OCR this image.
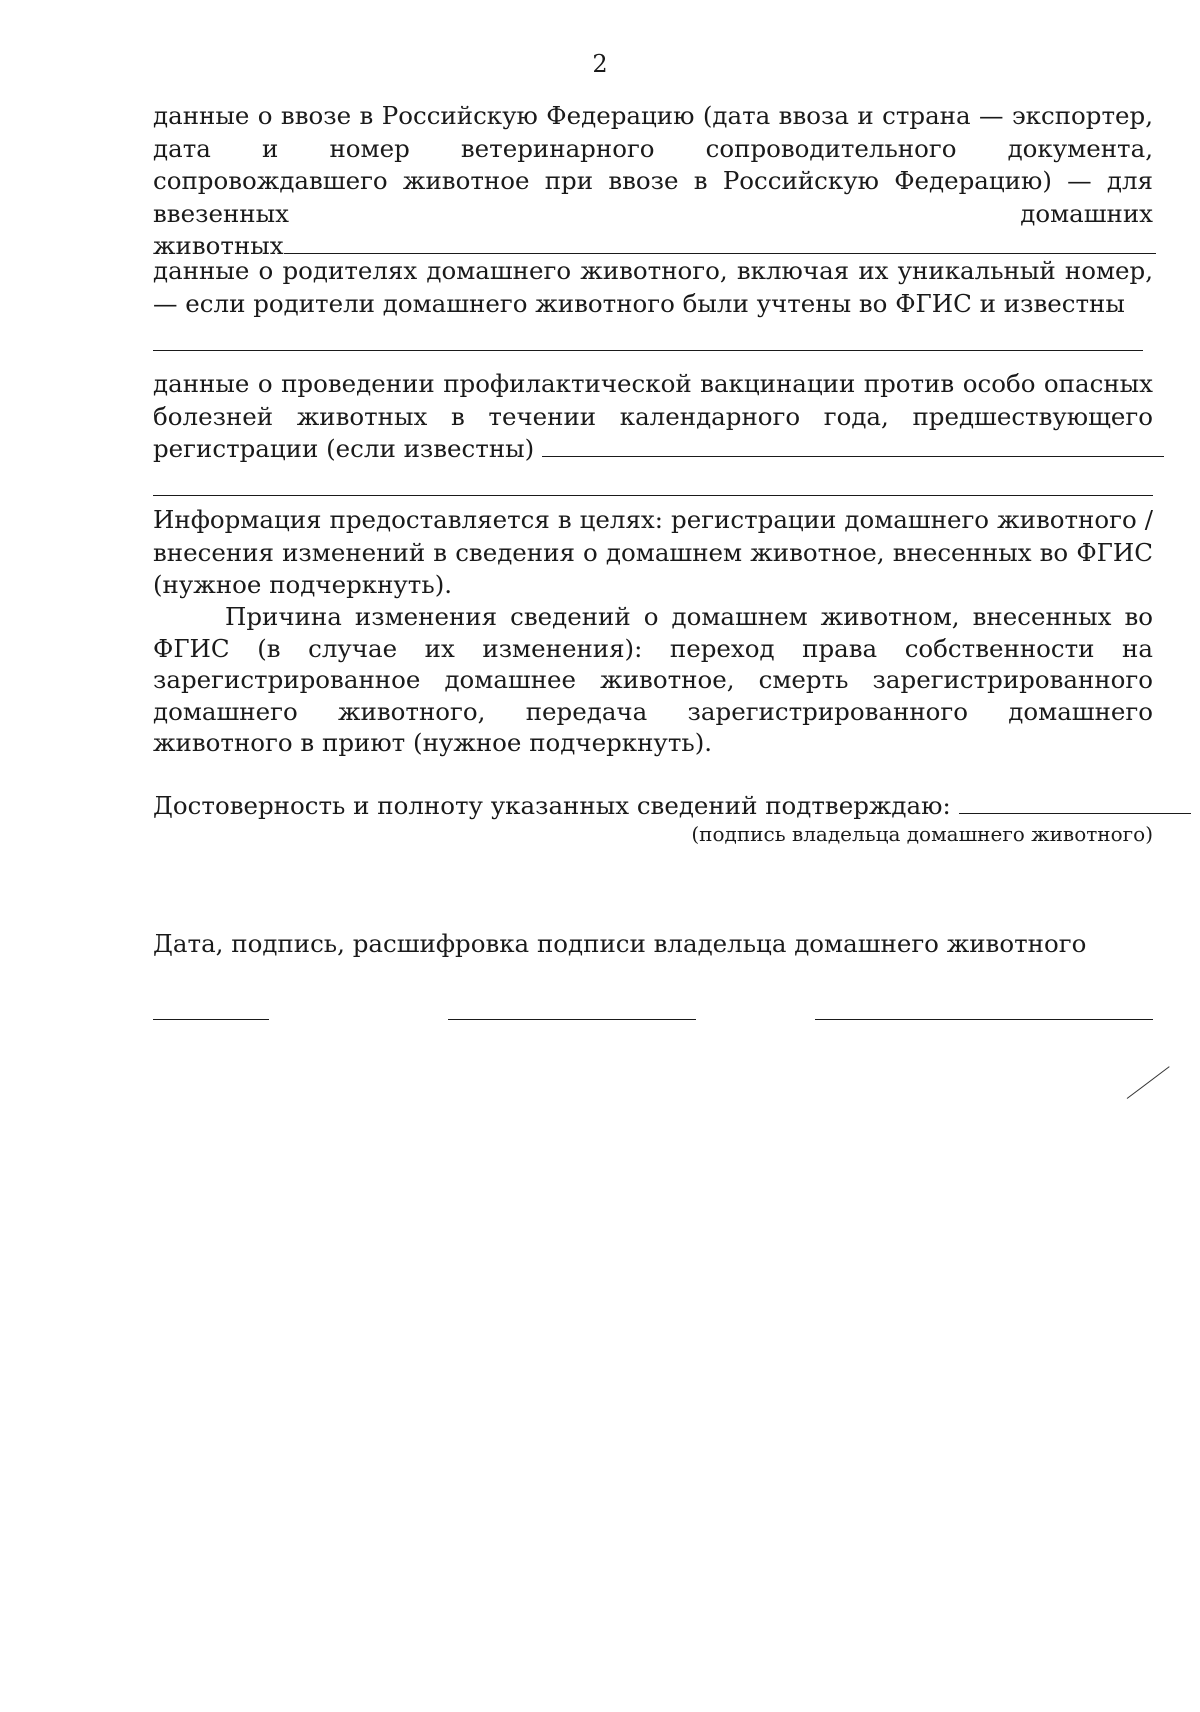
2
данные о ввозе в Российскую Федерацию (дата ввоза и страна — экспортер, дата и номер ветеринарного сопроводительного документа, сопровождавшего животное при ввозе в Российскую Федерацию) — для ввезенных домашних животных
данные о родителях домашнего животного, включая их уникальный номер, — если родители домашнего животного были учтены во ФГИС и известны
данные о проведении профилактической вакцинации против особо опасных болезней животных в течении календарного года, предшествующего регистрации (если известны)
Информация предоставляется в целях: регистрации домашнего животного / внесения изменений в сведения о домашнем животное, внесенных во ФГИС (нужное подчеркнуть).
Причина изменения сведений о домашнем животном, внесенных во ФГИС (в случае их изменения): переход права собственности на зарегистрированное домашнее животное, смерть зарегистрированного домашнего животного, передача зарегистрированного домашнего животного в приют (нужное подчеркнуть).
Достоверность и полноту указанных сведений подтверждаю:
(подпись владельца домашнего животного)
Дата, подпись, расшифровка подписи владельца домашнего животного
